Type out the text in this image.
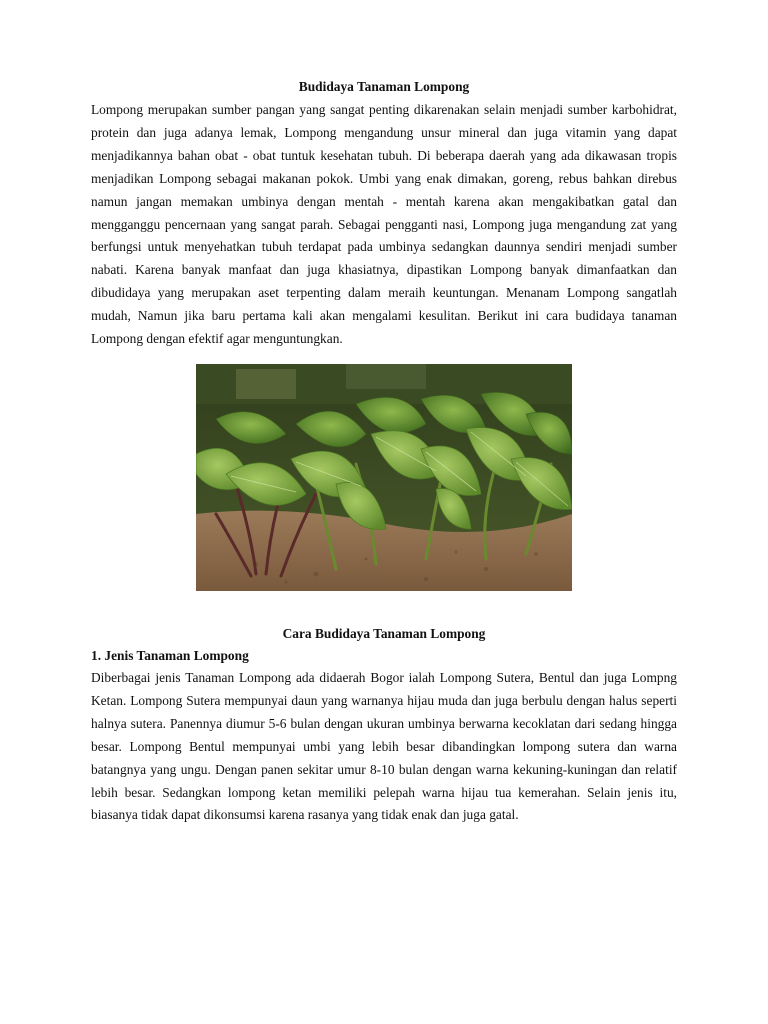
Budidaya Tanaman Lompong

Lompong merupakan sumber pangan yang sangat penting dikarenakan selain menjadi sumber karbohidrat, protein dan juga adanya lemak, Lompong mengandung unsur mineral dan juga vitamin yang dapat menjadikannya bahan obat - obat tuntuk kesehatan tubuh. Di beberapa daerah yang ada dikawasan tropis menjadikan Lompong sebagai makanan pokok. Umbi yang enak dimakan, goreng, rebus bahkan direbus namun jangan memakan umbinya dengan mentah - mentah karena akan mengakibatkan gatal dan mengganggu pencernaan yang sangat parah. Sebagai pengganti nasi, Lompong juga mengandung zat yang berfungsi untuk menyehatkan tubuh terdapat pada umbinya sedangkan daunnya sendiri menjadi sumber nabati. Karena banyak manfaat dan juga khasiatnya, dipastikan Lompong banyak dimanfaatkan dan dibudidaya yang merupakan aset terpenting dalam meraih keuntungan. Menanam Lompong sangatlah mudah, Namun jika baru pertama kali akan mengalami kesulitan. Berikut ini cara budidaya tanaman Lompong dengan efektif agar menguntungkan.

Cara Budidaya Tanaman Lompong
1. Jenis Tanaman Lompong

Diberbagai jenis Tanaman Lompong ada didaerah Bogor ialah Lompong Sutera, Bentul dan juga Lompng Ketan. Lompong Sutera mempunyai daun yang warnanya hijau muda dan juga berbulu dengan halus seperti halnya sutera. Panennya diumur 5-6 bulan dengan ukuran umbinya berwarna kecoklatan dari sedang hingga besar. Lompong Bentul mempunyai umbi yang lebih besar dibandingkan lompong sutera dan warna batangnya yang ungu. Dengan panen sekitar umur 8-10 bulan dengan warna kekuning-kuningan dan relatif lebih besar. Sedangkan lompong ketan memiliki pelepah warna hijau tua kemerahan. Selain jenis itu, biasanya tidak dapat dikonsumsi karena rasanya yang tidak enak dan juga gatal.
